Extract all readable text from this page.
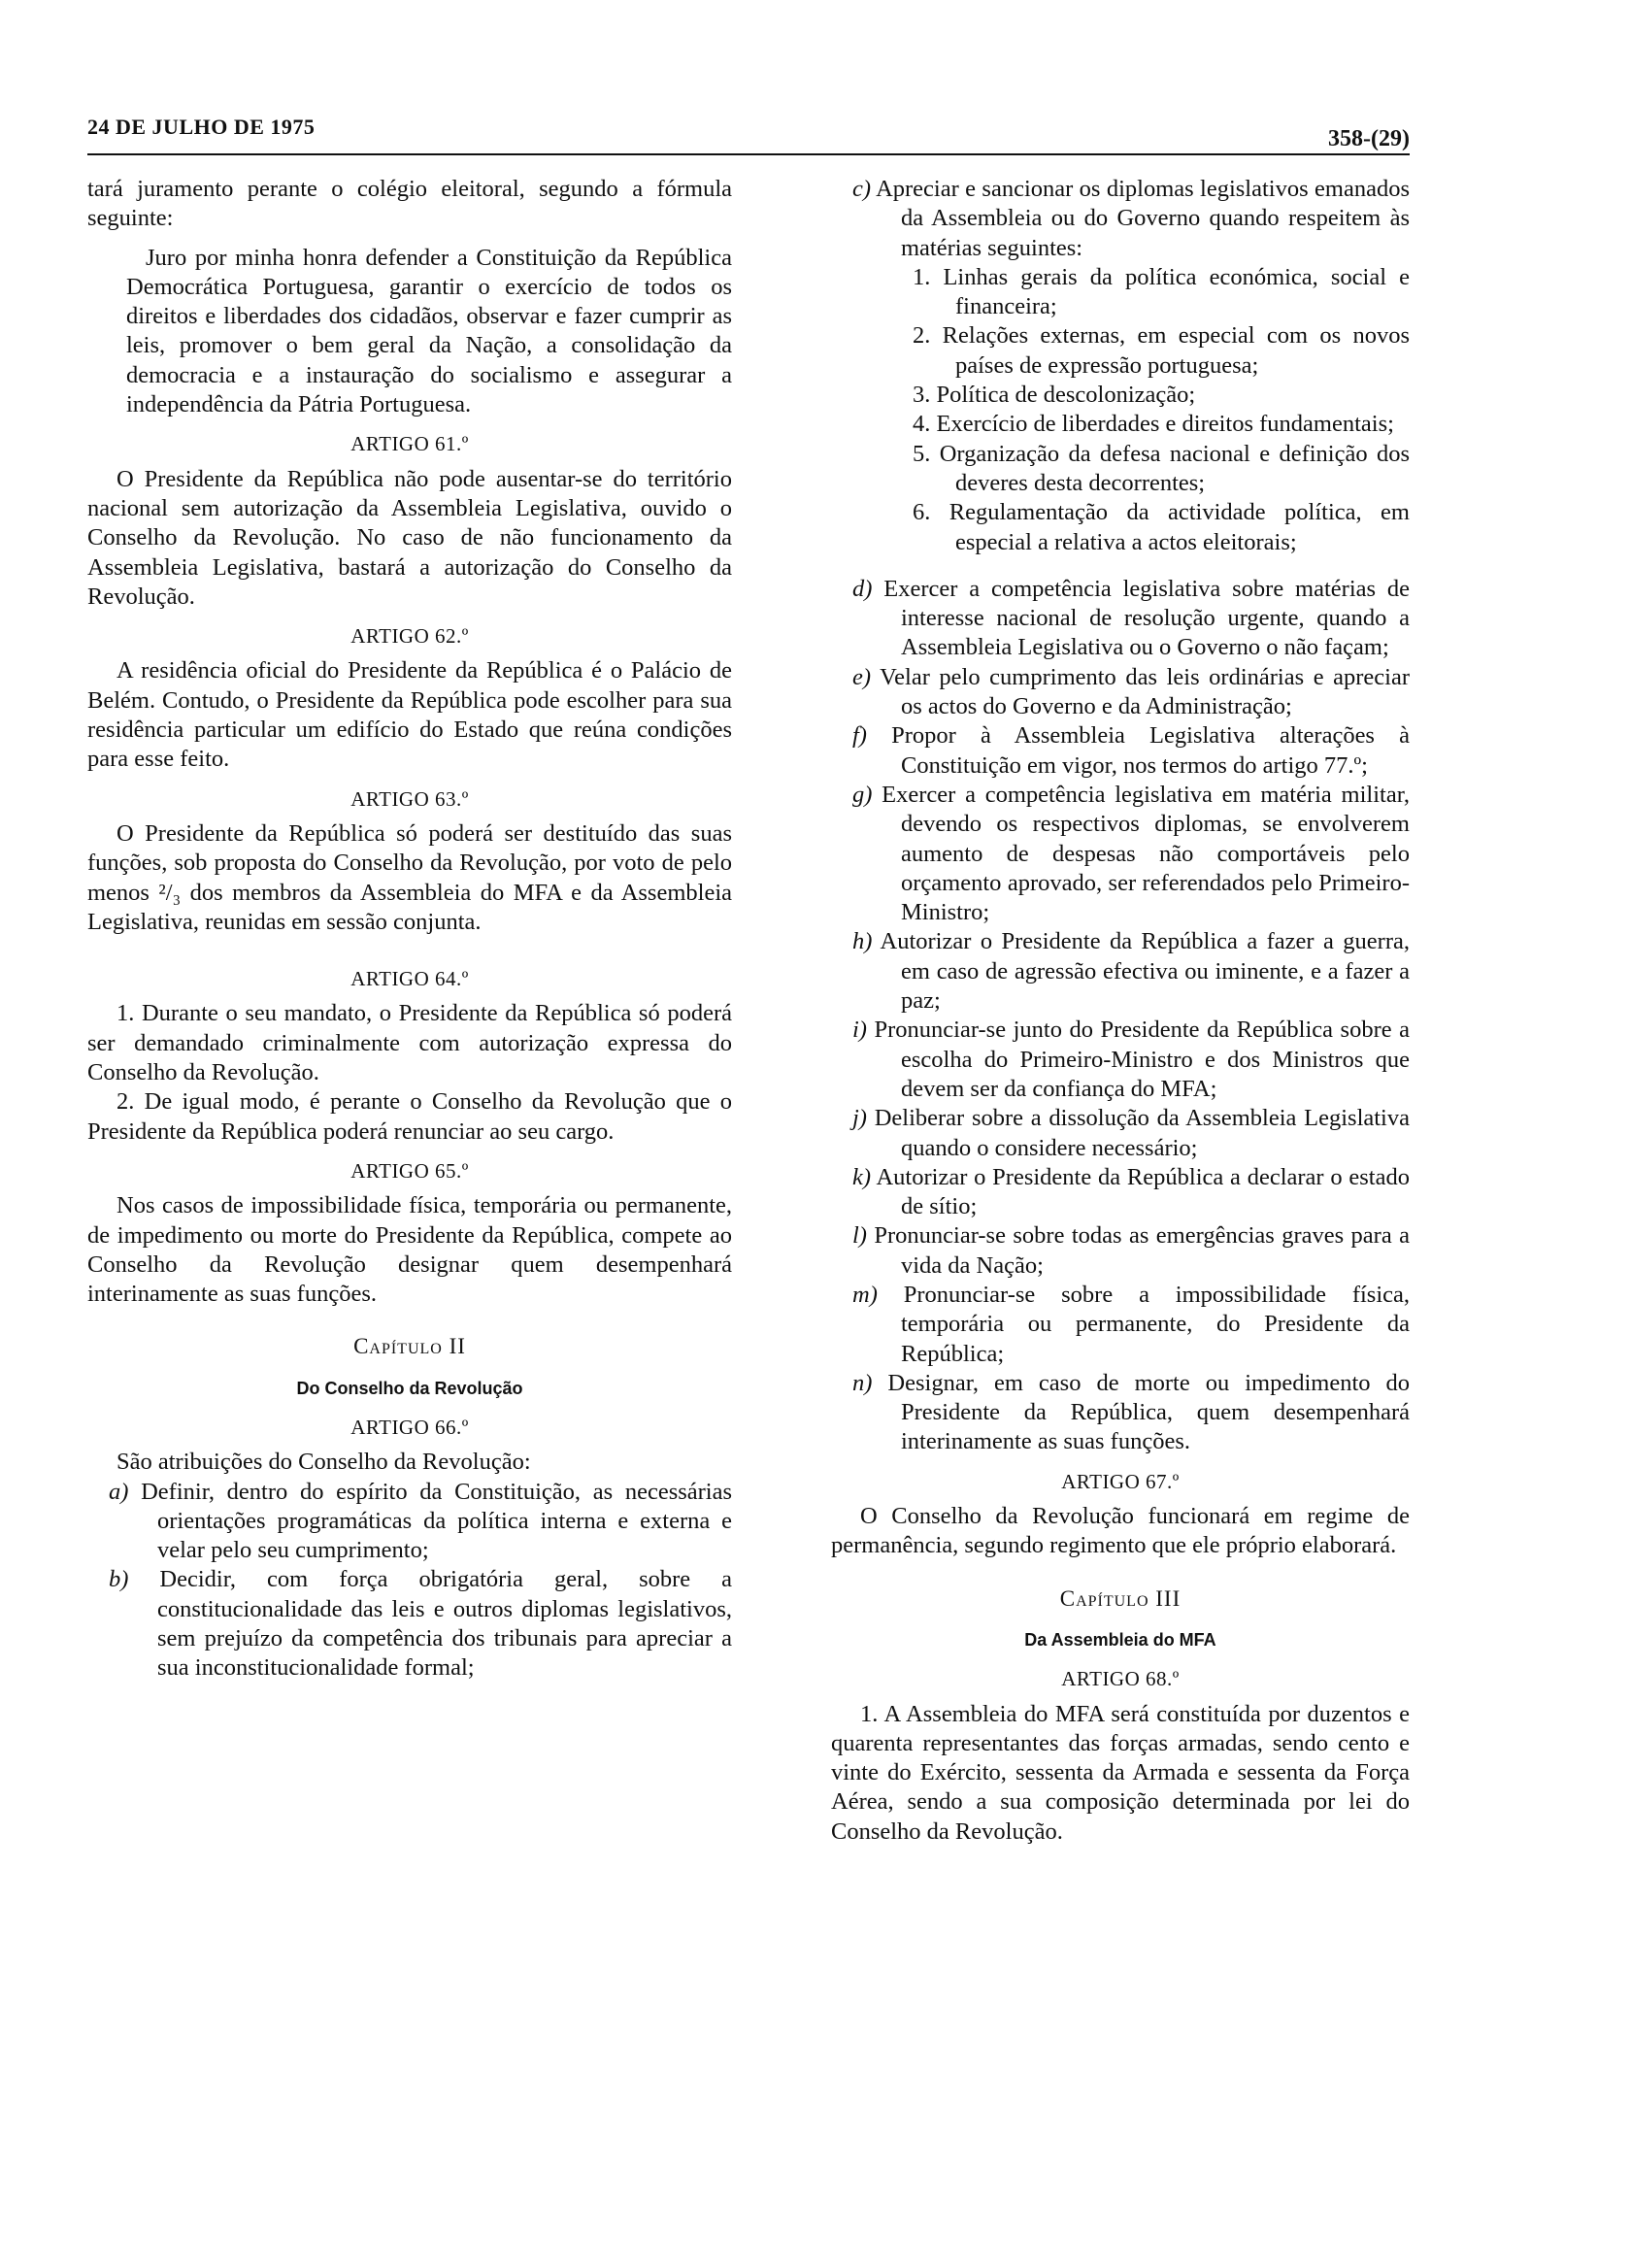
24 DE JULHO DE 1975	358-(29)

tará juramento perante o colégio eleitoral, segundo a fórmula seguinte:

Juro por minha honra defender a Constituição da República Democrática Portuguesa, garantir o exercício de todos os direitos e liberdades dos cidadãos, observar e fazer cumprir as leis, promover o bem geral da Nação, a consolidação da democracia e a instauração do socialismo e assegurar a independência da Pátria Portuguesa.

ARTIGO 61.º

O Presidente da República não pode ausentar-se do território nacional sem autorização da Assembleia Legislativa, ouvido o Conselho da Revolução. No caso de não funcionamento da Assembleia Legislativa, bastará a autorização do Conselho da Revolução.

ARTIGO 62.º

A residência oficial do Presidente da República é o Palácio de Belém. Contudo, o Presidente da República pode escolher para sua residência particular um edifício do Estado que reúna condições para esse feito.

ARTIGO 63.º

O Presidente da República só poderá ser destituído das suas funções, sob proposta do Conselho da Revolução, por voto de pelo menos ²/₃ dos membros da Assembleia do MFA e da Assembleia Legislativa, reunidas em sessão conjunta.

ARTIGO 64.º

1. Durante o seu mandato, o Presidente da República só poderá ser demandado criminalmente com autorização expressa do Conselho da Revolução.

2. De igual modo, é perante o Conselho da Revolução que o Presidente da República poderá renunciar ao seu cargo.

ARTIGO 65.º

Nos casos de impossibilidade física, temporária ou permanente, de impedimento ou morte do Presidente da República, compete ao Conselho da Revolução designar quem desempenhará interinamente as suas funções.

Capítulo II

Do Conselho da Revolução

ARTIGO 66.º

São atribuições do Conselho da Revolução:

a) Definir, dentro do espírito da Constituição, as necessárias orientações programáticas da política interna e externa e velar pelo seu cumprimento;

b) Decidir, com força obrigatória geral, sobre a constitucionalidade das leis e outros diplomas legislativos, sem prejuízo da competência dos tribunais para apreciar a sua inconstitucionalidade formal;

c) Apreciar e sancionar os diplomas legislativos emanados da Assembleia ou do Governo quando respeitem às matérias seguintes:

1. Linhas gerais da política económica, social e financeira;

2. Relações externas, em especial com os novos países de expressão portuguesa;

3. Política de descolonização;

4. Exercício de liberdades e direitos fundamentais;

5. Organização da defesa nacional e definição dos deveres desta decorrentes;

6. Regulamentação da actividade política, em especial a relativa a actos eleitorais;

d) Exercer a competência legislativa sobre matérias de interesse nacional de resolução urgente, quando a Assembleia Legislativa ou o Governo o não façam;

e) Velar pelo cumprimento das leis ordinárias e apreciar os actos do Governo e da Administração;

f) Propor à Assembleia Legislativa alterações à Constituição em vigor, nos termos do artigo 77.º;

g) Exercer a competência legislativa em matéria militar, devendo os respectivos diplomas, se envolverem aumento de despesas não comportáveis pelo orçamento aprovado, ser referendados pelo Primeiro-Ministro;

h) Autorizar o Presidente da República a fazer a guerra, em caso de agressão efectiva ou iminente, e a fazer a paz;

i) Pronunciar-se junto do Presidente da República sobre a escolha do Primeiro-Ministro e dos Ministros que devem ser da confiança do MFA;

j) Deliberar sobre a dissolução da Assembleia Legislativa quando o considere necessário;

k) Autorizar o Presidente da República a declarar o estado de sítio;

l) Pronunciar-se sobre todas as emergências graves para a vida da Nação;

m) Pronunciar-se sobre a impossibilidade física, temporária ou permanente, do Presidente da República;

n) Designar, em caso de morte ou impedimento do Presidente da República, quem desempenhará interinamente as suas funções.

ARTIGO 67.º

O Conselho da Revolução funcionará em regime de permanência, segundo regimento que ele próprio elaborará.

Capítulo III

Da Assembleia do MFA

ARTIGO 68.º

1. A Assembleia do MFA será constituída por duzentos e quarenta representantes das forças armadas, sendo cento e vinte do Exército, sessenta da Armada e sessenta da Força Aérea, sendo a sua composição determinada por lei do Conselho da Revolução.
